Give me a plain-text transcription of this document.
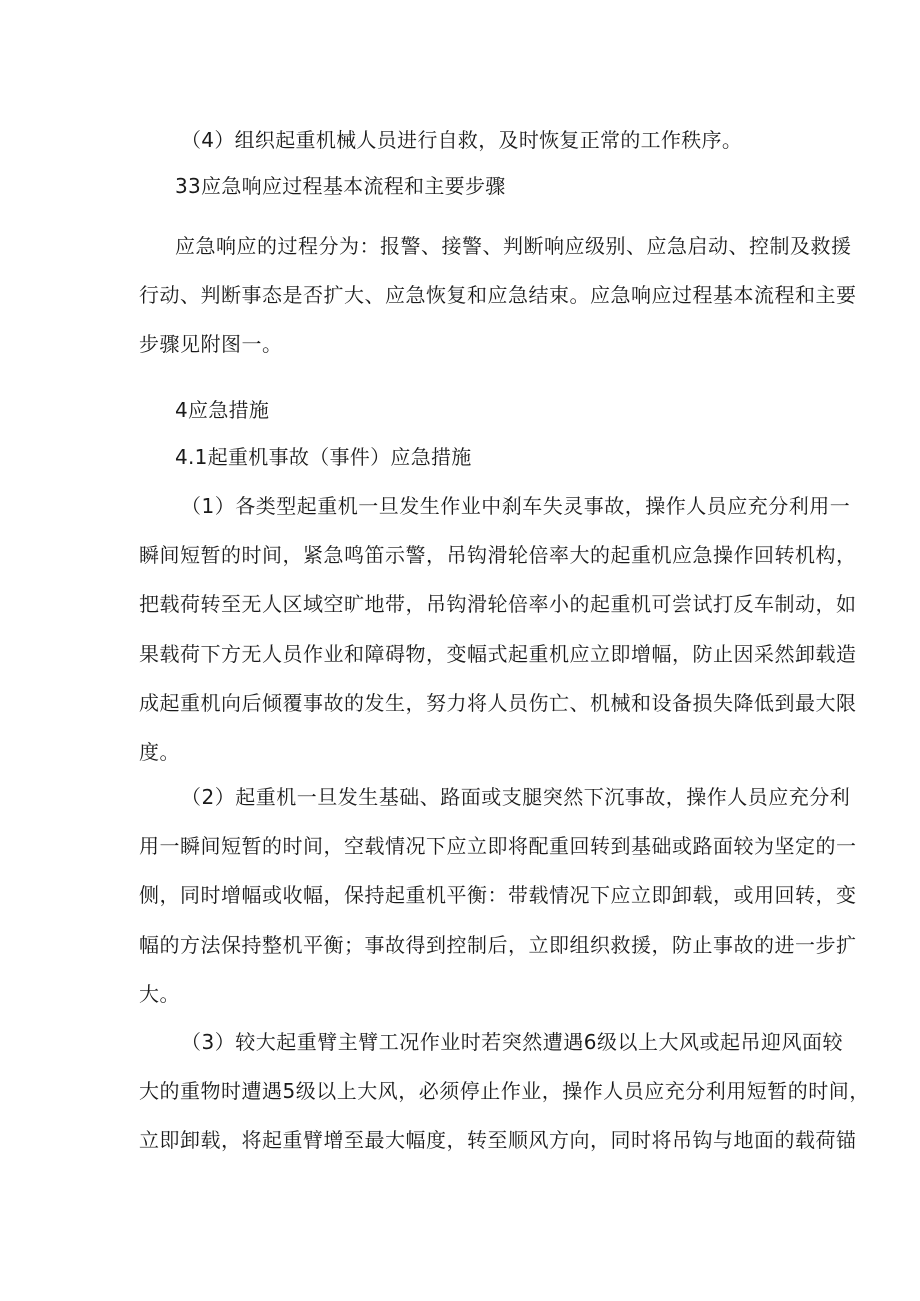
（4）组织起重机械人员进行自救，及时恢复正常的工作秩序。
33应急响应过程基本流程和主要步骤
应急响应的过程分为：报警、接警、判断响应级别、应急启动、控制及救援
行动、判断事态是否扩大、应急恢复和应急结束。应急响应过程基本流程和主要
步骤见附图一。
4应急措施
4.1起重机事故（事件）应急措施
（1）各类型起重机一旦发生作业中刹车失灵事故，操作人员应充分利用一
瞬间短暂的时间，紧急鸣笛示警，吊钩滑轮倍率大的起重机应急操作回转机构，
把载荷转至无人区域空旷地带，吊钩滑轮倍率小的起重机可尝试打反车制动，如
果载荷下方无人员作业和障碍物，变幅式起重机应立即增幅，防止因采然卸载造
成起重机向后倾覆事故的发生，努力将人员伤亡、机械和设备损失降低到最大限
度。
（2）起重机一旦发生基础、路面或支腿突然下沉事故，操作人员应充分利
用一瞬间短暂的时间，空载情况下应立即将配重回转到基础或路面较为坚定的一
侧，同时增幅或收幅，保持起重机平衡：带载情况下应立即卸载，或用回转，变
幅的方法保持整机平衡；事故得到控制后，立即组织救援，防止事故的进一步扩
大。
（3）较大起重臂主臂工况作业时若突然遭遇6级以上大风或起吊迎风面较
大的重物时遭遇5级以上大风，必须停止作业，操作人员应充分利用短暂的时间，
立即卸载，将起重臂增至最大幅度，转至顺风方向，同时将吊钩与地面的载荷锚
